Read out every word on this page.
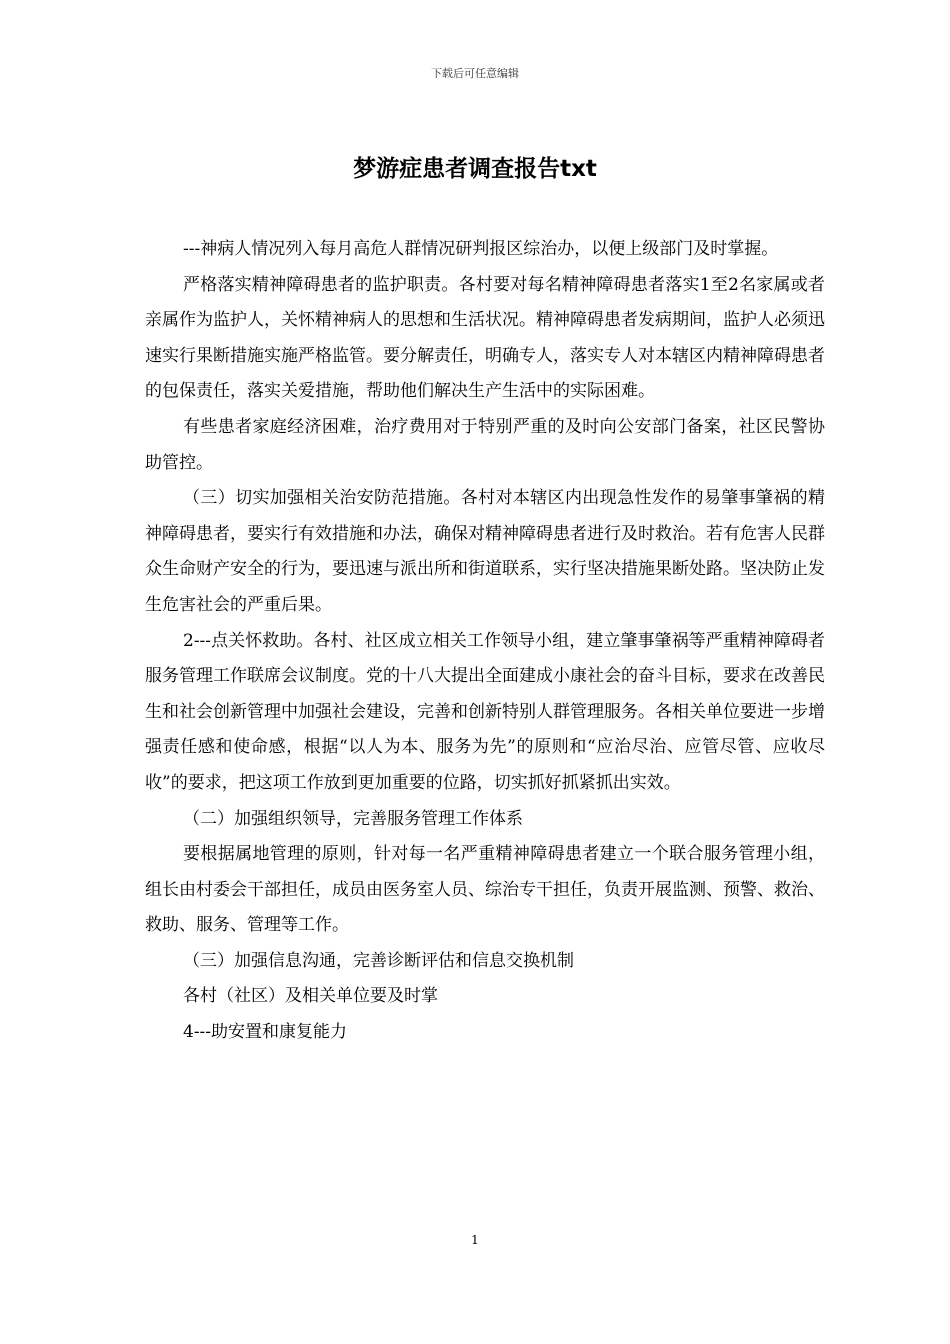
下载后可任意编辑
梦游症患者调查报告txt

---神病人情况列入每月高危人群情况研判报区综治办，以便上级部门及时掌握。

严格落实精神障碍患者的监护职责。各村要对每名精神障碍患者落实1至2名家属或者亲属作为监护人，关怀精神病人的思想和生活状况。精神障碍患者发病期间，监护人必须迅速实行果断措施实施严格监管。要分解责任，明确专人，落实专人对本辖区内精神障碍患者的包保责任，落实关爱措施，帮助他们解决生产生活中的实际困难。

有些患者家庭经济困难，治疗费用对于特别严重的及时向公安部门备案，社区民警协助管控。

（三）切实加强相关治安防范措施。各村对本辖区内出现急性发作的易肇事肇祸的精神障碍患者，要实行有效措施和办法，确保对精神障碍患者进行及时救治。若有危害人民群众生命财产安全的行为，要迅速与派出所和街道联系，实行坚决措施果断处路。坚决防止发生危害社会的严重后果。

2---点关怀救助。各村、社区成立相关工作领导小组，建立肇事肇祸等严重精神障碍者服务管理工作联席会议制度。党的十八大提出全面建成小康社会的奋斗目标，要求在改善民生和社会创新管理中加强社会建设，完善和创新特别人群管理服务。各相关单位要进一步增强责任感和使命感，根据“以人为本、服务为先”的原则和“应治尽治、应管尽管、应收尽收”的要求，把这项工作放到更加重要的位路，切实抓好抓紧抓出实效。

（二）加强组织领导，完善服务管理工作体系

要根据属地管理的原则，针对每一名严重精神障碍患者建立一个联合服务管理小组，组长由村委会干部担任，成员由医务室人员、综治专干担任，负责开展监测、预警、救治、救助、服务、管理等工作。

（三）加强信息沟通，完善诊断评估和信息交换机制

各村（社区）及相关单位要及时掌

4---助安置和康复能力

1
